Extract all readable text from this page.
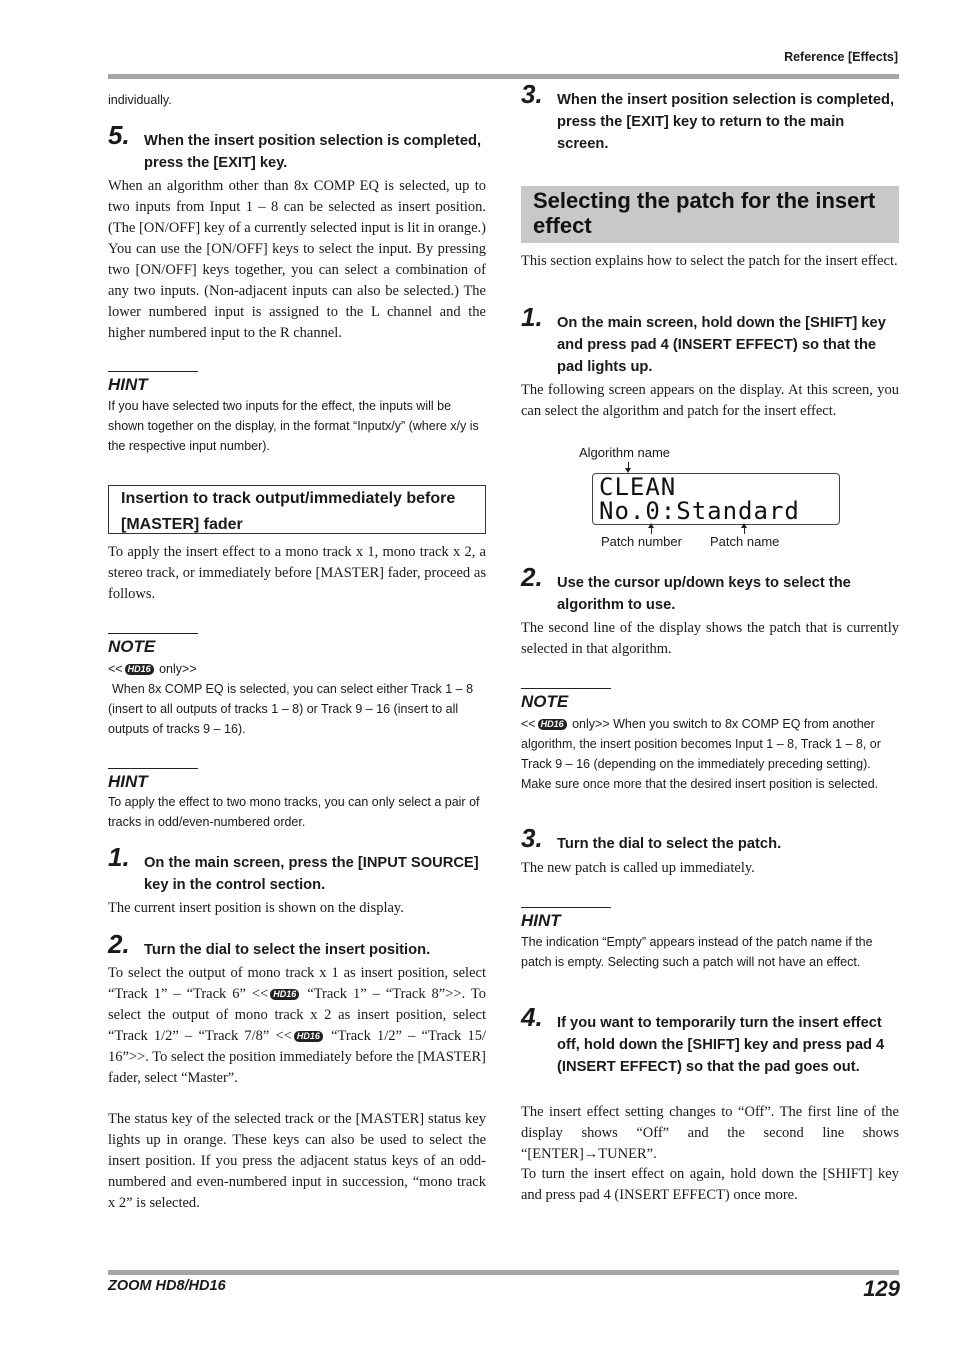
Reference [Effects]
individually.
5. When the insert position selection is completed, press the [EXIT] key.
When an algorithm other than 8x COMP EQ is selected, up to two inputs from Input 1 – 8 can be selected as insert position. (The [ON/OFF] key of a currently selected input is lit in orange.) You can use the [ON/OFF] keys to select the input. By pressing two [ON/OFF] keys together, you can select a combination of any two inputs. (Non-adjacent inputs can also be selected.) The lower numbered input is assigned to the L channel and the higher numbered input to the R channel.
HINT
If you have selected two inputs for the effect, the inputs will be shown together on the display, in the format “Inputx/y” (where x/y is the respective input number).
Insertion to track output/immediately before [MASTER] fader
To apply the insert effect to a mono track x 1, mono track x 2, a stereo track, or immediately before [MASTER] fader, proceed as follows.
NOTE
<< HD16 only>>
When 8x COMP EQ is selected, you can select either Track 1 – 8 (insert to all outputs of tracks 1 – 8) or Track 9 – 16 (insert to all outputs of tracks 9 – 16).
HINT
To apply the effect to two mono tracks, you can only select a pair of tracks in odd/even-numbered order.
1. On the main screen, press the [INPUT SOURCE] key in the control section.
The current insert position is shown on the display.
2. Turn the dial to select the insert position.
To select the output of mono track x 1 as insert position, select “Track 1” – “Track 6” << HD16 “Track 1” – “Track 8”>>. To select the output of mono track x 2 as insert position, select “Track 1/2” – “Track 7/8” << HD16 “Track 1/2” – “Track 15/ 16”>>. To select the position immediately before the [MASTER] fader, select “Master”.
The status key of the selected track or the [MASTER] status key lights up in orange. These keys can also be used to select the insert position. If you press the adjacent status keys of an odd-numbered and even-numbered input in succession, “mono track x 2” is selected.
3. When the insert position selection is completed, press the [EXIT] key to return to the main screen.
Selecting the patch for the insert effect
This section explains how to select the patch for the insert effect.
1. On the main screen, hold down the [SHIFT] key and press pad 4 (INSERT EFFECT) so that the pad lights up.
The following screen appears on the display. At this screen, you can select the algorithm and patch for the insert effect.
Algorithm name
CLEAN
No.0:Standard
Patch number Patch name
2. Use the cursor up/down keys to select the algorithm to use.
The second line of the display shows the patch that is currently selected in that algorithm.
NOTE
<< HD16 only>> When you switch to 8x COMP EQ from another algorithm, the insert position becomes Input 1 – 8, Track 1 – 8, or Track 9 – 16 (depending on the immediately preceding setting). Make sure once more that the desired insert position is selected.
3. Turn the dial to select the patch.
The new patch is called up immediately.
HINT
The indication “Empty” appears instead of the patch name if the patch is empty. Selecting such a patch will not have an effect.
4. If you want to temporarily turn the insert effect off, hold down the [SHIFT] key and press pad 4 (INSERT EFFECT) so that the pad goes out.
The insert effect setting changes to “Off”. The first line of the display shows “Off” and the second line shows “[ENTER]→TUNER”.
To turn the insert effect on again, hold down the [SHIFT] key and press pad 4 (INSERT EFFECT) once more.
ZOOM HD8/HD16	129
